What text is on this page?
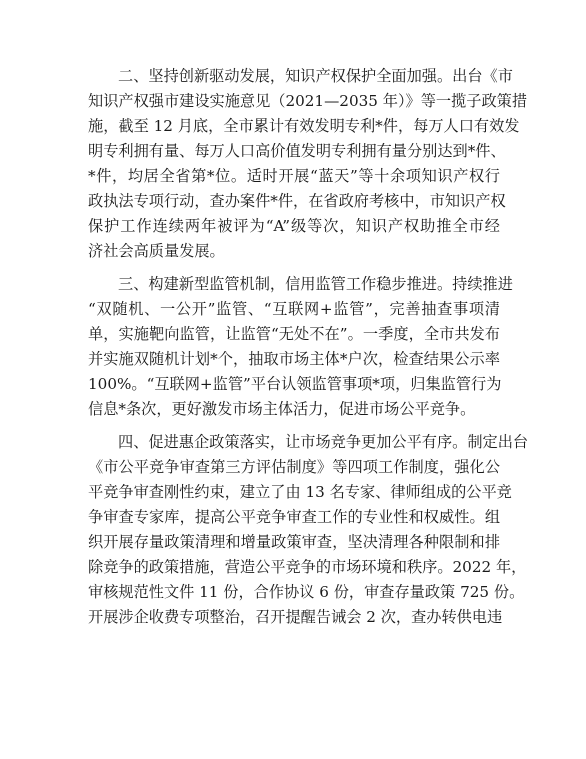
二、坚持创新驱动发展，知识产权保护全面加强。出台《市
知识产权强市建设实施意见（2021—2035 年）》等一揽子政策措
施，截至 12 月底，全市累计有效发明专利*件，每万人口有效发
明专利拥有量、每万人口高价值发明专利拥有量分别达到*件、
*件，均居全省第*位。适时开展“蓝天”等十余项知识产权行
政执法专项行动，查办案件*件，在省政府考核中，市知识产权
保护工作连续两年被评为“A”级等次，知识产权助推全市经
济社会高质量发展。
三、构建新型监管机制，信用监管工作稳步推进。持续推进
“双随机、一公开”监管、“互联网+监管”，完善抽查事项清
单，实施靶向监管，让监管“无处不在”。一季度，全市共发布
并实施双随机计划*个，抽取市场主体*户次，检查结果公示率
100%。“互联网+监管”平台认领监管事项*项，归集监管行为
信息*条次，更好激发市场主体活力，促进市场公平竞争。
四、促进惠企政策落实，让市场竞争更加公平有序。制定出台
《市公平竞争审查第三方评估制度》等四项工作制度，强化公
平竞争审查刚性约束，建立了由 13 名专家、律师组成的公平竞
争审查专家库，提高公平竞争审查工作的专业性和权威性。组
织开展存量政策清理和增量政策审查，坚决清理各种限制和排
除竞争的政策措施，营造公平竞争的市场环境和秩序。2022 年，
审核规范性文件 11 份，合作协议 6 份，审查存量政策 725 份。
开展涉企收费专项整治，召开提醒告诫会 2 次，查办转供电违
